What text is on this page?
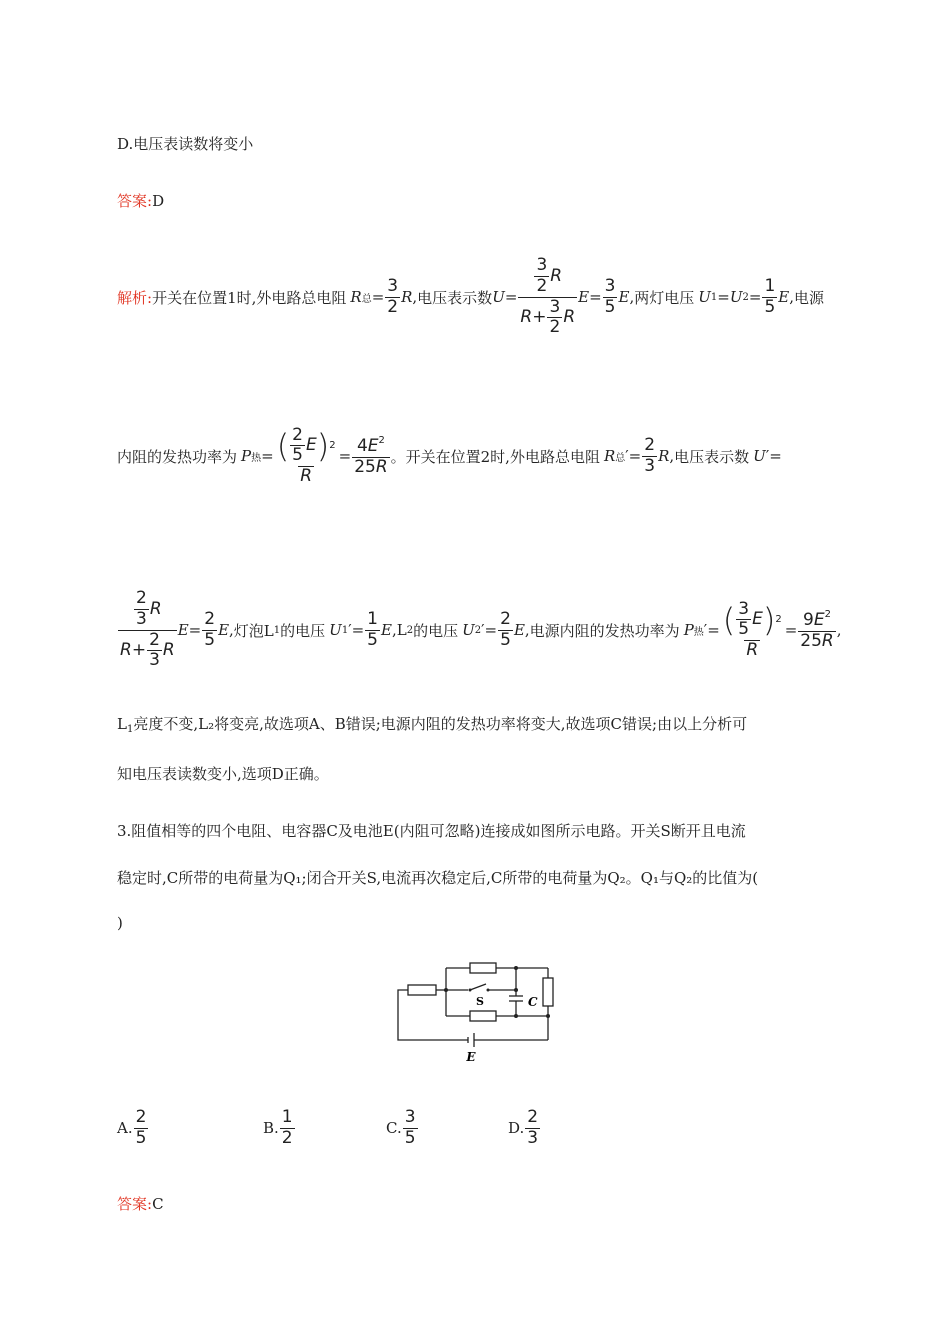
D.电压表读数将变小
答案:D
解析: 开关在位置1时,外电路总电阻 R 总 = $\frac{3}{2}$ R , 电压表示数 $U = \frac{\frac{3}{2} R}{R + \frac{3}{2} R}$ $E = \frac{3}{5}$ E , 两灯电压 U 1 = U $2 = \frac{1}{5}$ E , 电源
内阻的发热功率为 P 热 = $\frac{( \frac{2}{5} E ) 2}{R} = \frac{4E^2}{25R}$ 。开关在位置2时,外电路总电阻 R 总 ′ = $\frac{2}{3}$ R , 电压表示数 U ′ =
$\frac{\frac{2}{3} R}{R + \frac{2}{3} R}$ $E = \frac{2}{5}$ E , 灯泡L 1 的电压 U 1 ′ = $\frac{1}{5}$ E , L 2 的电压 U 2 ′ = $\frac{2}{5}$ E , 电源内阻的发热功率为 P 热 ′ = $\frac{( \frac{3}{5} E ) 2}{R} = \frac{9E^2}{25R}$ ,
$L_1$亮度不变,L₂将变亮,故选项A、B错误;电源内阻的发热功率将变大,故选项C错误;由以上分析可
知电压表读数变小,选项D正确。
3.阻值相等的四个电阻、电容器C及电池E(内阻可忽略)连接成如图所示电路。开关S断开且电流
稳定时,C所带的电荷量为Q₁;闭合开关S,电流再次稳定后,C所带的电荷量为Q₂。Q₁与Q₂的比值为(
)
S	C
E
A. $\frac{2}{5}$	B. $\frac{1}{2}$	C. $\frac{3}{5}$	D. $\frac{2}{3}$
答案:C
